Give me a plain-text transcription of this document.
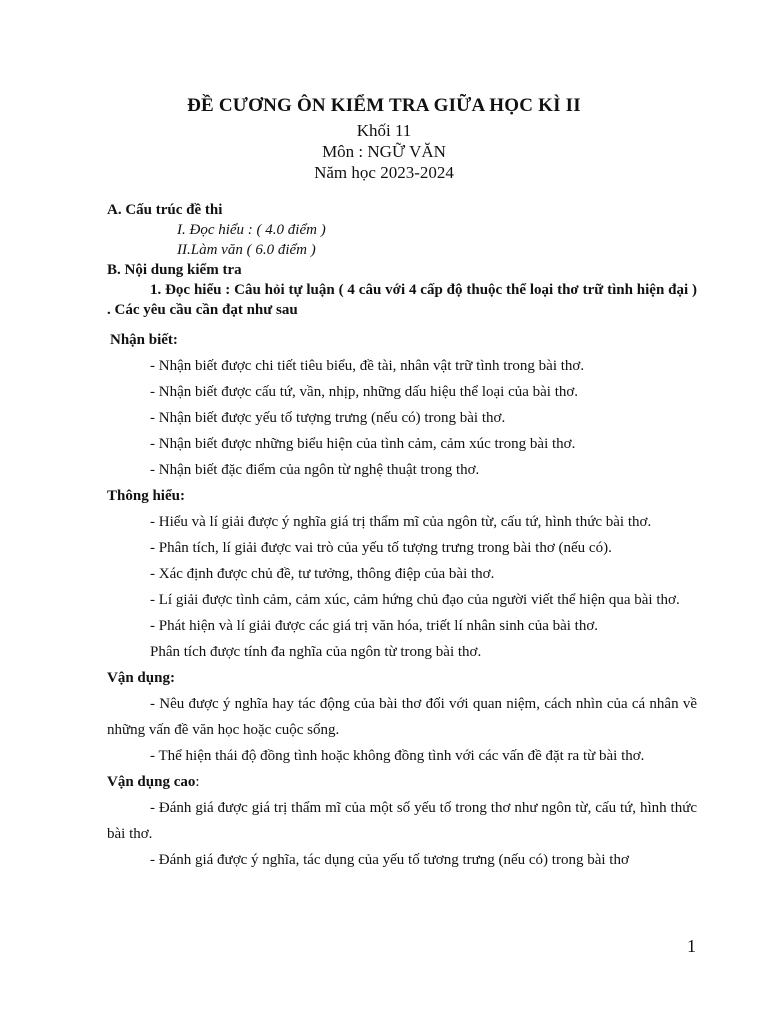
ĐỀ CƯƠNG ÔN KIỂM TRA GIỮA HỌC KÌ II

Khối 11

Môn : NGỮ VĂN

Năm học 2023-2024

A. Cấu trúc đề thi

I. Đọc hiểu : ( 4.0 điểm )

II.Làm văn ( 6.0 điểm )

B. Nội dung kiểm tra

1. Đọc hiểu : Câu hỏi tự luận ( 4 câu với 4 cấp độ thuộc thể loại thơ trữ tình hiện đại ) . Các yêu cầu cần đạt như sau

Nhận biết:

- Nhận biết được chi tiết tiêu biểu, đề tài, nhân vật trữ tình trong bài thơ.

- Nhận biết được cấu tứ, vần, nhịp, những dấu hiệu thể loại của bài thơ.

- Nhận biết được yếu tố tượng trưng (nếu có) trong bài thơ.

- Nhận biết được những biểu hiện của tình cảm, cảm xúc trong bài thơ.

- Nhận biết đặc điểm của ngôn từ nghệ thuật trong thơ.

Thông hiểu:

- Hiểu và lí giải được ý nghĩa giá trị thẩm mĩ của ngôn từ, cấu tứ, hình thức bài thơ.

- Phân tích, lí giải được vai trò của yếu tố tượng trưng trong bài thơ (nếu có).

- Xác định được chủ đề, tư tưởng, thông điệp của bài thơ.

- Lí giải được tình cảm, cảm xúc, cảm hứng chủ đạo của người viết thể hiện qua bài thơ.

- Phát hiện và lí giải được các giá trị văn hóa, triết lí nhân sinh của bài thơ.

Phân tích được tính đa nghĩa của ngôn từ trong bài thơ.

Vận dụng:

- Nêu được ý nghĩa hay tác động của bài thơ đối với quan niệm, cách nhìn của cá nhân về những vấn đề văn học hoặc cuộc sống.

- Thể hiện thái độ đồng tình hoặc không đồng tình với các vấn đề đặt ra từ bài thơ.

Vận dụng cao:

- Đánh giá được giá trị thẩm mĩ của một số yếu tố trong thơ như ngôn từ, cấu tứ, hình thức bài thơ.

- Đánh giá được ý nghĩa, tác dụng của yếu tố tương trưng (nếu có) trong bài thơ

1
